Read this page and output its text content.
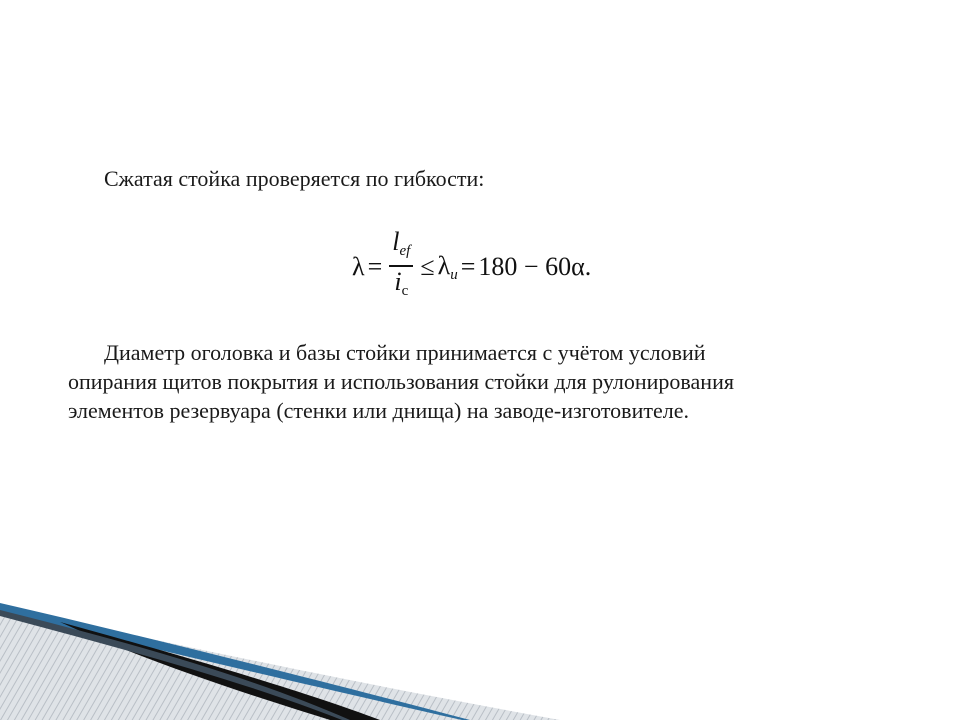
Сжатая стойка проверяется по гибкости:

$\lambda = \frac{l_{ef}}{i_c} \le \lambda_u = 180 - 60\alpha$ .

Диаметр оголовка и базы стойки принимается с учётом условий
опирания щитов покрытия и использования стойки для рулонирования
элементов резервуара (стенки или днища) на заводе-изготовителе.
